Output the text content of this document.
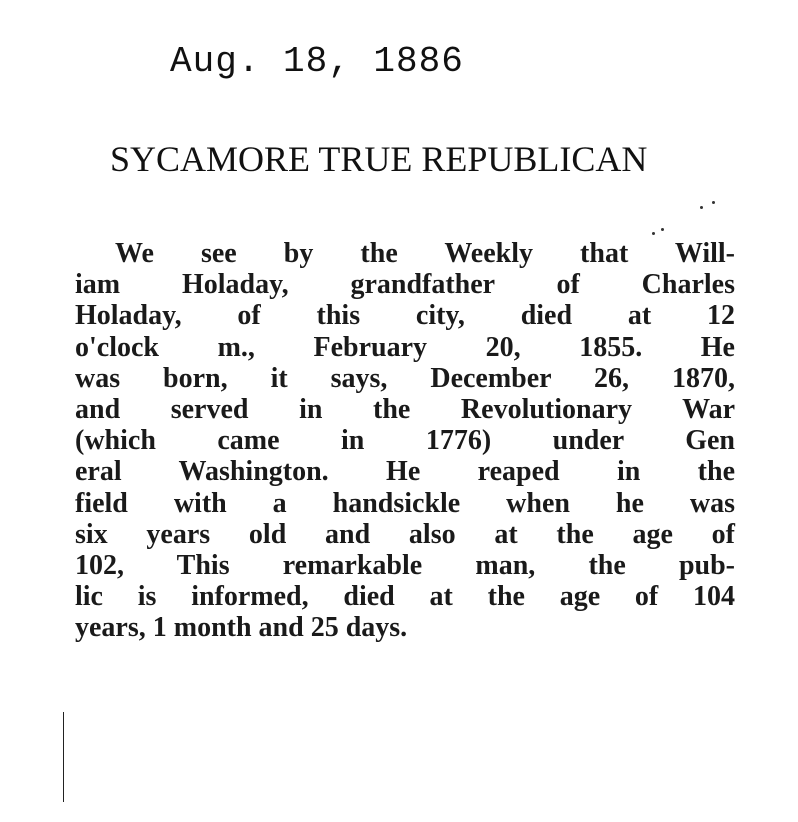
Aug. 18, 1886
SYCAMORE TRUE REPUBLICAN
We see by the Weekly that Will-
iam Holaday, grandfather of Charles
Holaday, of this city, died at 12
o'clock m., February 20, 1855. He
was born, it says, December 26, 1870,
and served in the Revolutionary War
(which came in 1776) under Gen
eral Washington. He reaped in the
field with a handsickle when he was
six years old and also at the age of
102, This remarkable man, the pub-
lic is informed, died at the age of 104
years, 1 month and 25 days.
